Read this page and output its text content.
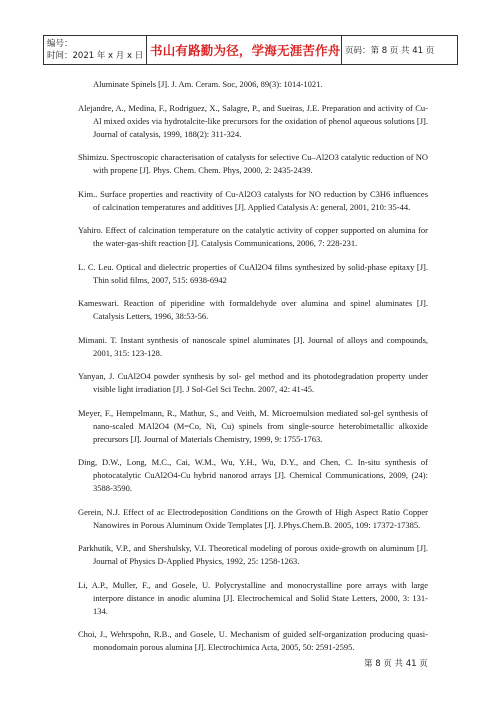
编号：
时间：2021 年 x 月 x 日	书山有路勤为径，学海无涯苦作舟	页码：第 8 页 共 41 页
Aluminate Spinels [J]. J. Am. Ceram. Soc, 2006, 89(3): 1014-1021.
Alejandre, A., Medina, F., Rodriguez, X., Salagre, P., and Sueiras, J.E. Preparation and activity of Cu-Al mixed oxides via hydrotalcite-like precursors for the oxidation of phenol aqueous solutions [J]. Journal of catalysis, 1999, 188(2): 311-324.
Shimizu. Spectroscopic characterisation of catalysts for selective Cu–Al2O3 catalytic reduction of NO with propene [J]. Phys. Chem. Chem. Phys, 2000, 2: 2435-2439.
Kim.. Surface properties and reactivity of Cu-Al2O3 catalysts for NO reduction by C3H6 influences of calcination temperatures and additives [J]. Applied Catalysis A: general, 2001, 210: 35-44.
Yahiro. Effect of calcination temperature on the catalytic activity of copper supported on alumina for the water-gas-shift reaction [J]. Catalysis Communications, 2006, 7: 228-231.
L. C. Leu. Optical and dielectric properties of CuAl2O4 films synthesized by solid-phase epitaxy [J]. Thin solid films, 2007, 515: 6938-6942
Kameswari. Reaction of piperidine with formaldehyde over alumina and spinel aluminates [J]. Catalysis Letters, 1996, 38:53-56.
Mimani. T. Instant synthesis of nanoscale spinel aluminates [J]. Journal of alloys and compounds, 2001, 315: 123-128.
Yanyan, J. CuAl2O4 powder synthesis by sol- gel method and its photodegradation property under visible light irradiation [J]. J Sol-Gel Sci Techn. 2007, 42: 41-45.
Meyer, F., Hempelmann, R., Mathur, S., and Veith, M. Microemulsion mediated sol-gel synthesis of nano-scaled MAl2O4 (M=Co, Ni, Cu) spinels from single-source heterobimetallic alkoxide precursors [J]. Journal of Materials Chemistry, 1999, 9: 1755-1763.
Ding, D.W., Long, M.C., Cai, W.M., Wu, Y.H., Wu, D.Y., and Chen, C. In-situ synthesis of photocatalytic CuAl2O4-Cu hybrid nanorod arrays [J]. Chemical Communications, 2009, (24): 3588-3590.
Gerein, N.J. Effect of ac Electrodeposition Conditions on the Growth of High Aspect Ratio Copper Nanowires in Porous Aluminum Oxide Templates [J]. J.Phys.Chem.B. 2005, 109: 17372-17385.
Parkhutik, V.P., and Shershulsky, V.I. Theoretical modeling of porous oxide-growth on aluminum [J]. Journal of Physics D-Applied Physics, 1992, 25: 1258-1263.
Li, A.P., Muller, F., and Gosele, U. Polycrystalline and monocrystalline pore arrays with large interpore distance in anodic alumina [J]. Electrochemical and Solid State Letters, 2000, 3: 131-134.
Choi, J., Wehrspohn, R.B., and Gosele, U. Mechanism of guided self-organization producing quasi-monodomain porous alumina [J]. Electrochimica Acta, 2005, 50: 2591-2595.
第 8 页 共 41 页
